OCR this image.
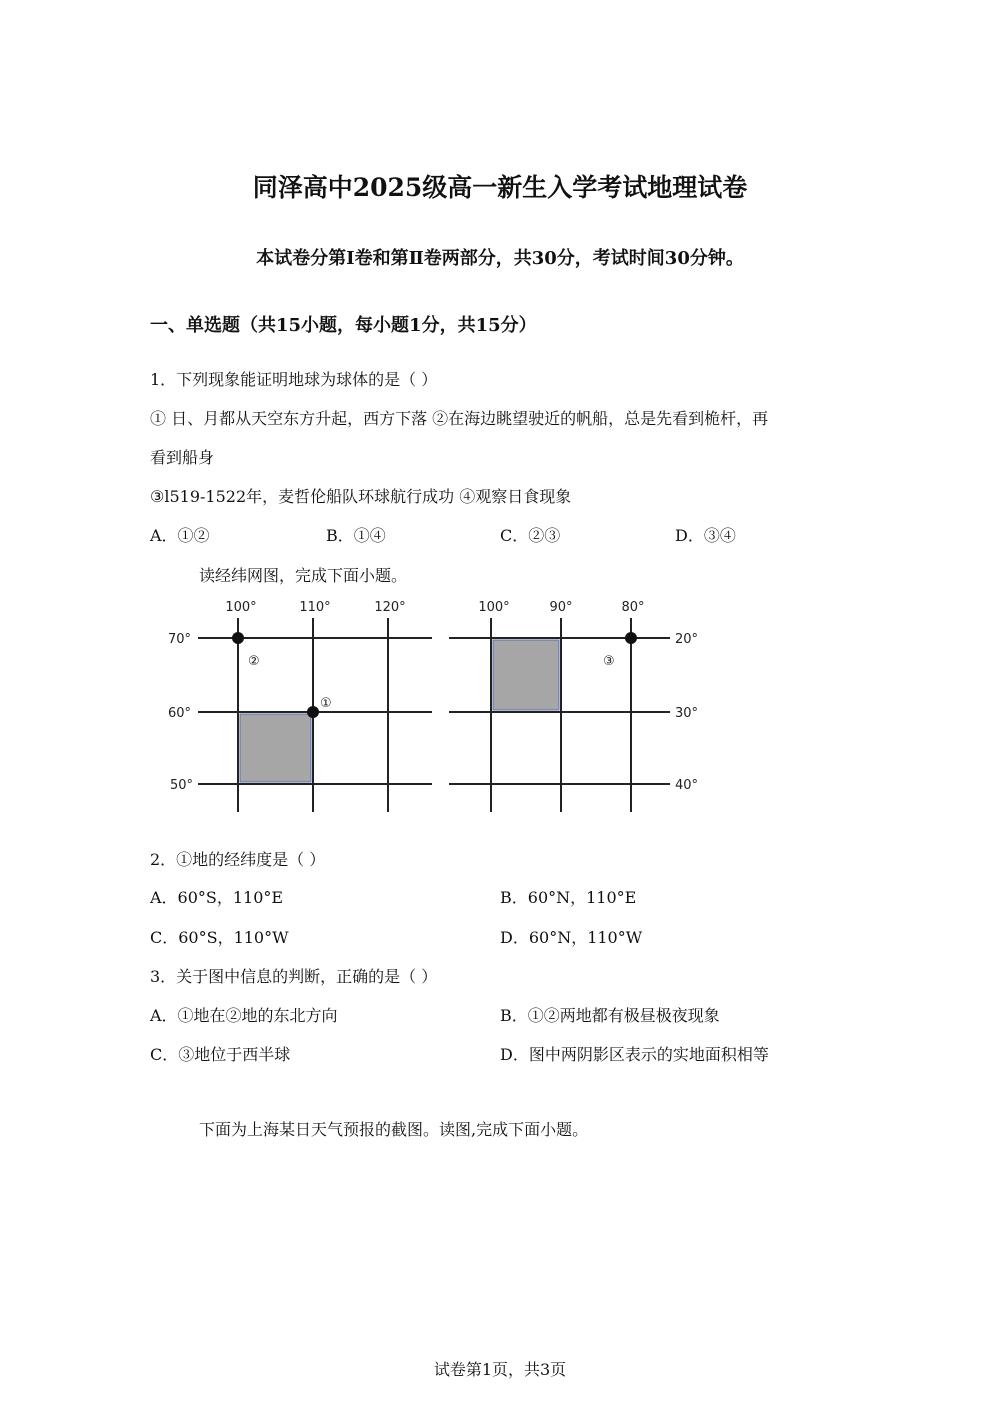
同泽高中2025级高一新生入学考试地理试卷
本试卷分第Ⅰ卷和第Ⅱ卷两部分，共30分，考试时间30分钟。
一、单选题（共15小题，每小题1分，共15分）
1．下列现象能证明地球为球体的是（ ）
① 日、月都从天空东方升起，西方下落 ②在海边眺望驶近的帆船，总是先看到桅杆，再
看到船身
③l519-1522年，麦哲伦船队环球航行成功 ④观察日食现象
A．①②	B．①④	C．②③	D．③④
读经纬网图，完成下面小题。
100°	110°	120°
70°
60°
50°
②
①
100°	90°	80°
20°
30°
40°
③
2．①地的经纬度是（ ）
A．60°S，110°E	B．60°N，110°E
C．60°S，110°W	D．60°N，110°W
3．关于图中信息的判断，正确的是（ ）
A．①地在②地的东北方向	B．①②两地都有极昼极夜现象
C．③地位于西半球	D．图中两阴影区表示的实地面积相等
下面为上海某日天气预报的截图。读图,完成下面小题。
试卷第1页，共3页
